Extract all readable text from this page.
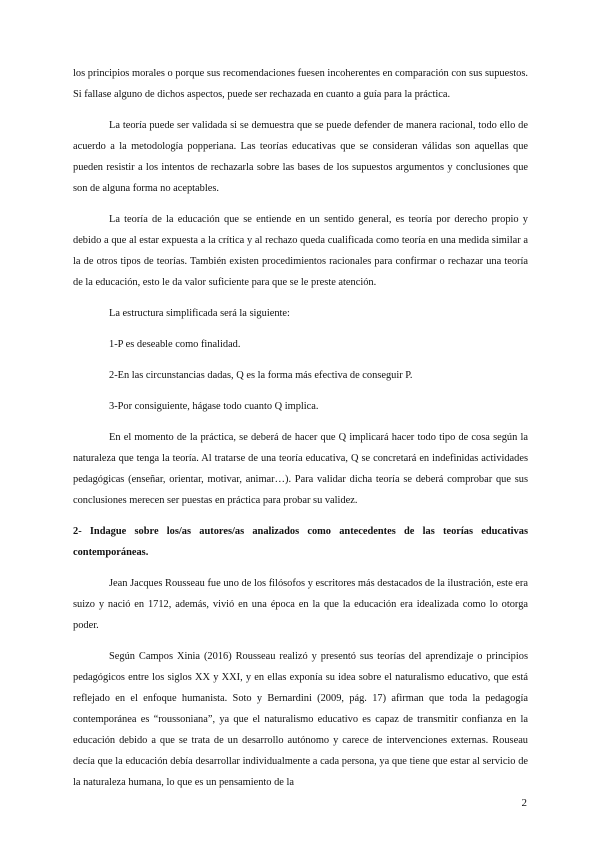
los principios morales o porque sus recomendaciones fuesen incoherentes en comparación con sus supuestos. Si fallase alguno de dichos aspectos, puede ser rechazada en cuanto a guía para la práctica.

La teoría puede ser validada si se demuestra que se puede defender de manera racional, todo ello de acuerdo a la metodología popperiana. Las teorías educativas que se consideran válidas son aquellas que pueden resistir a los intentos de rechazarla sobre las bases de los supuestos argumentos y conclusiones que son de alguna forma no aceptables.

La teoría de la educación que se entiende en un sentido general, es teoría por derecho propio y debido a que al estar expuesta a la crítica y al rechazo queda cualificada como teoría en una medida similar a la de otros tipos de teorías. También existen procedimientos racionales para confirmar o rechazar una teoría de la educación, esto le da valor suficiente para que se le preste atención.

La estructura simplificada será la siguiente:

1-P es deseable como finalidad.

2-En las circunstancias dadas, Q es la forma más efectiva de conseguir P.

3-Por consiguiente, hágase todo cuanto Q implica.

En el momento de la práctica, se deberá de hacer que Q implicará hacer todo tipo de cosa según la naturaleza que tenga la teoría. Al tratarse de una teoría educativa, Q se concretará en indefinidas actividades pedagógicas (enseñar, orientar, motivar, animar…). Para validar dicha teoría se deberá comprobar que sus conclusiones merecen ser puestas en práctica para probar su validez.

2- Indague sobre los/as autores/as analizados como antecedentes de las teorías educativas contemporáneas.

Jean Jacques Rousseau fue uno de los filósofos y escritores más destacados de la ilustración, este era suizo y nació en 1712, además, vivió en una época en la que la educación era idealizada como lo otorga poder.

Según Campos Xinia (2016) Rousseau realizó y presentó sus teorías del aprendizaje o principios pedagógicos entre los siglos XX y XXI, y en ellas exponía su idea sobre el naturalismo educativo, que está reflejado en el enfoque humanista. Soto y Bernardini (2009, pág. 17) afirman que toda la pedagogía contemporánea es “roussoniana”, ya que el naturalismo educativo es capaz de transmitir confianza en la educación debido a que se trata de un desarrollo autónomo y carece de intervenciones externas. Rouseau decía que la educación debía desarrollar individualmente a cada persona, ya que tiene que estar al servicio de la naturaleza humana, lo que es un pensamiento de la

2
